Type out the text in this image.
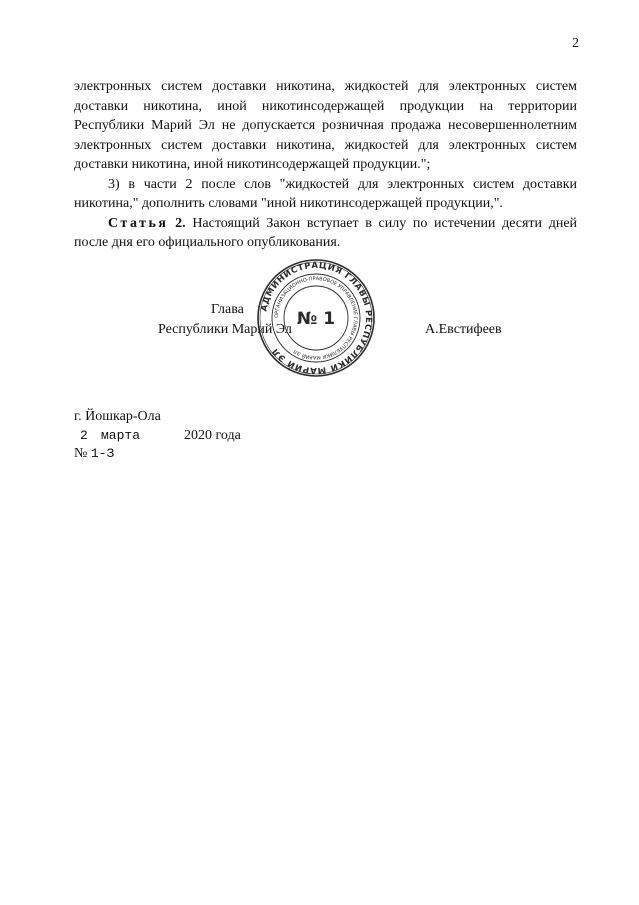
2

электронных систем доставки никотина, жидкостей для электронных систем доставки никотина, иной никотинсодержащей продукции на территории Республики Марий Эл не допускается розничная продажа несовершеннолетним электронных систем доставки никотина, жидкостей для электронных систем доставки никотина, иной никотинсодержащей продукции.";

3) в части 2 после слов "жидкостей для электронных систем доставки никотина," дополнить словами "иной никотинсодержащей продукции,".

Статья 2. Настоящий Закон вступает в силу по истечении десяти дней после дня его официального опубликования.

АДМИНИСТРАЦИЯ ГЛАВЫ РЕСПУБЛИКИ МАРИЙ ЭЛ
ОРГАНИЗАЦИОННО-ПРАВОВОЕ УПРАВЛЕНИЕ ГЛАВЫ РЕСПУБЛИКИ МАРИЙ ЭЛ
№ 1
Глава
Республики Марий Эл	А.Евстифеев
г. Йошкар-Ола
2 марта	2020 года
№ 1-З
